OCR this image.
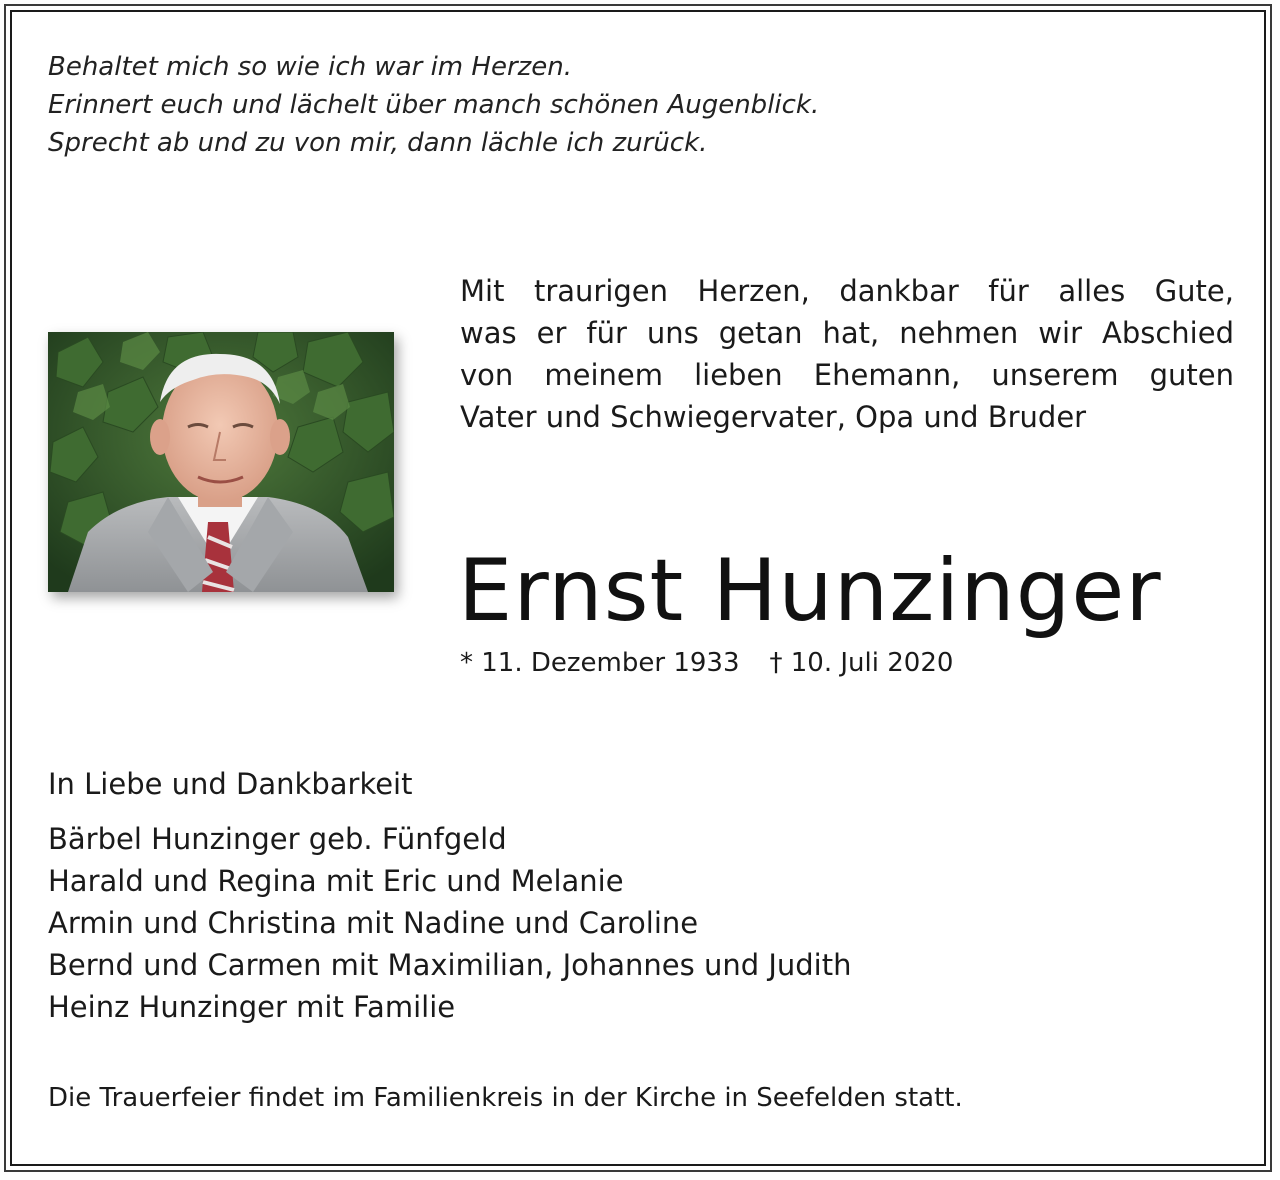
Behaltet mich so wie ich war im Herzen.
Erinnert euch und lächelt über manch schönen Augenblick.
Sprecht ab und zu von mir, dann lächle ich zurück.
Mit traurigen Herzen, dankbar für alles Gute,
was er für uns getan hat, nehmen wir Abschied
von meinem lieben Ehemann, unserem guten
Vater und Schwiegervater, Opa und Bruder
Ernst Hunzinger
* 11. Dezember 1933 † 10. Juli 2020
In Liebe und Dankbarkeit
Bärbel Hunzinger geb. Fünfgeld
Harald und Regina mit Eric und Melanie
Armin und Christina mit Nadine und Caroline
Bernd und Carmen mit Maximilian, Johannes und Judith
Heinz Hunzinger mit Familie
Die Trauerfeier findet im Familienkreis in der Kirche in Seefelden statt.
